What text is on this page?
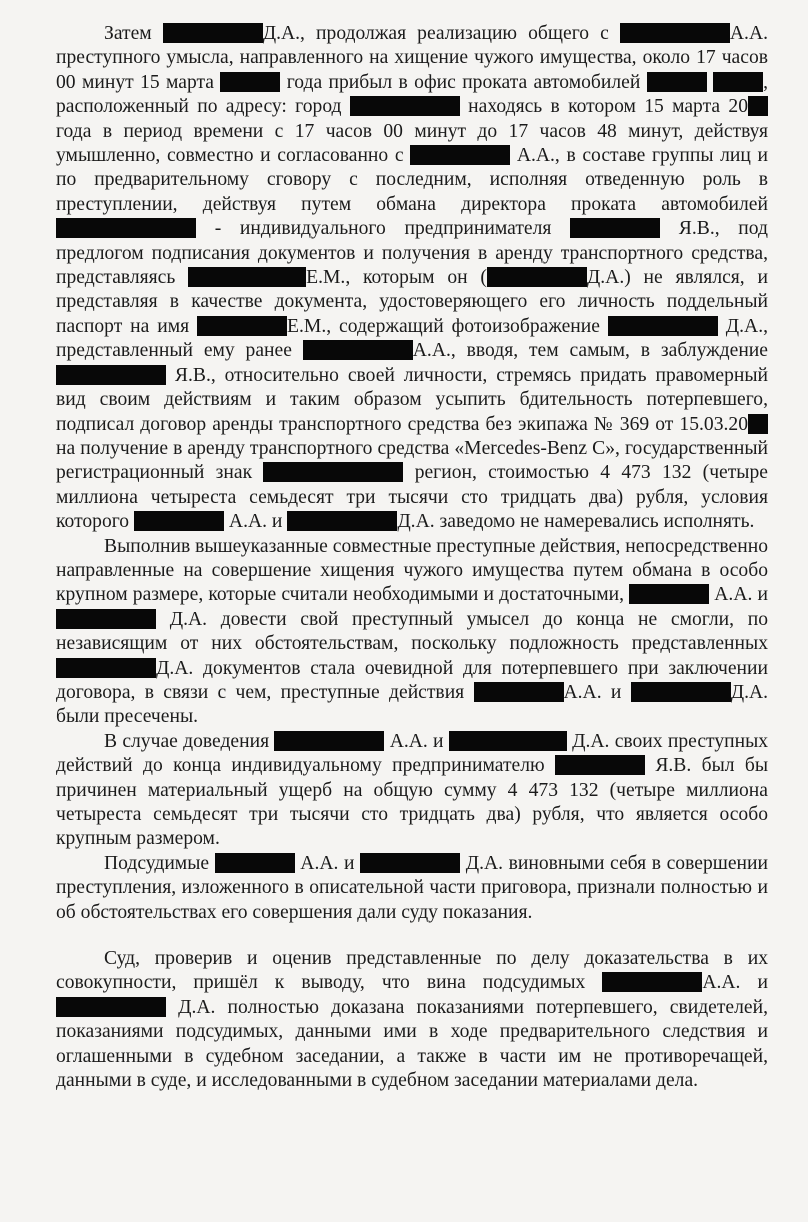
Затем	Д.А., продолжая реализацию общего с	А.А. преступного умысла, направленного на хищение чужого имущества, около 17 часов 00 минут 15 марта	года прибыл в офис проката автомобилей	, расположенный по адресу: город	находясь в котором 15 марта 20 года в период времени с 17 часов 00 минут до 17 часов 48 минут, действуя умышленно, совместно и согласованно с	А.А., в составе группы лиц и по предварительному сговору с последним, исполняя отведенную роль в преступлении, действуя путем обмана директора проката автомобилей  - индивидуального предпринимателя	Я.В., под предлогом подписания документов и получения в аренду транспортного средства, представляясь	Е.М., которым он (	Д.А.) не являлся, и представляя в качестве документа, удостоверяющего его личность поддельный паспорт на имя	Е.М., содержащий фотоизображение	Д.А., представленный ему ранее	А.А., вводя, тем самым, в заблуждение  Я.В., относительно своей личности, стремясь придать правомерный вид своим действиям и таким образом усыпить бдительность потерпевшего, подписал договор аренды транспортного средства без экипажа № 369 от 15.03.20 на получение в аренду транспортного средства «Mercedes-Benz C», государственный регистрационный знак	регион, стоимостью 4 473 132 (четыре миллиона четыреста семьдесят три тысячи сто тридцать два) рубля, условия которого	А.А. и	Д.А. заведомо не намеревались исполнять.

Выполнив вышеуказанные совместные преступные действия, непосредственно направленные на совершение хищения чужого имущества путем обмана в особо крупном размере, которые считали необходимыми и достаточными,	А.А. и  Д.А. довести свой преступный умысел до конца не смогли, по независящим от них обстоятельствам, поскольку подложность представленных Д.А. документов стала очевидной для потерпевшего при заключении договора, в связи с чем, преступные действия	А.А. и	Д.А. были пресечены.

В случае доведения	А.А. и	Д.А. своих преступных действий до конца индивидуальному предпринимателю	Я.В. был бы причинен материальный ущерб на общую сумму 4 473 132 (четыре миллиона четыреста семьдесят три тысячи сто тридцать два) рубля, что является особо крупным размером.

Подсудимые	А.А. и	Д.А. виновными себя в совершении преступления, изложенного в описательной части приговора, признали полностью и об обстоятельствах его совершения дали суду показания.

Суд, проверив и оценив представленные по делу доказательства в их совокупности, пришёл к выводу, что вина подсудимых	А.А. и  Д.А. полностью доказана показаниями потерпевшего, свидетелей, показаниями подсудимых, данными ими в ходе предварительного следствия и оглашенными в судебном заседании, а также в части им не противоречащей, данными в суде, и исследованными в судебном заседании материалами дела.
